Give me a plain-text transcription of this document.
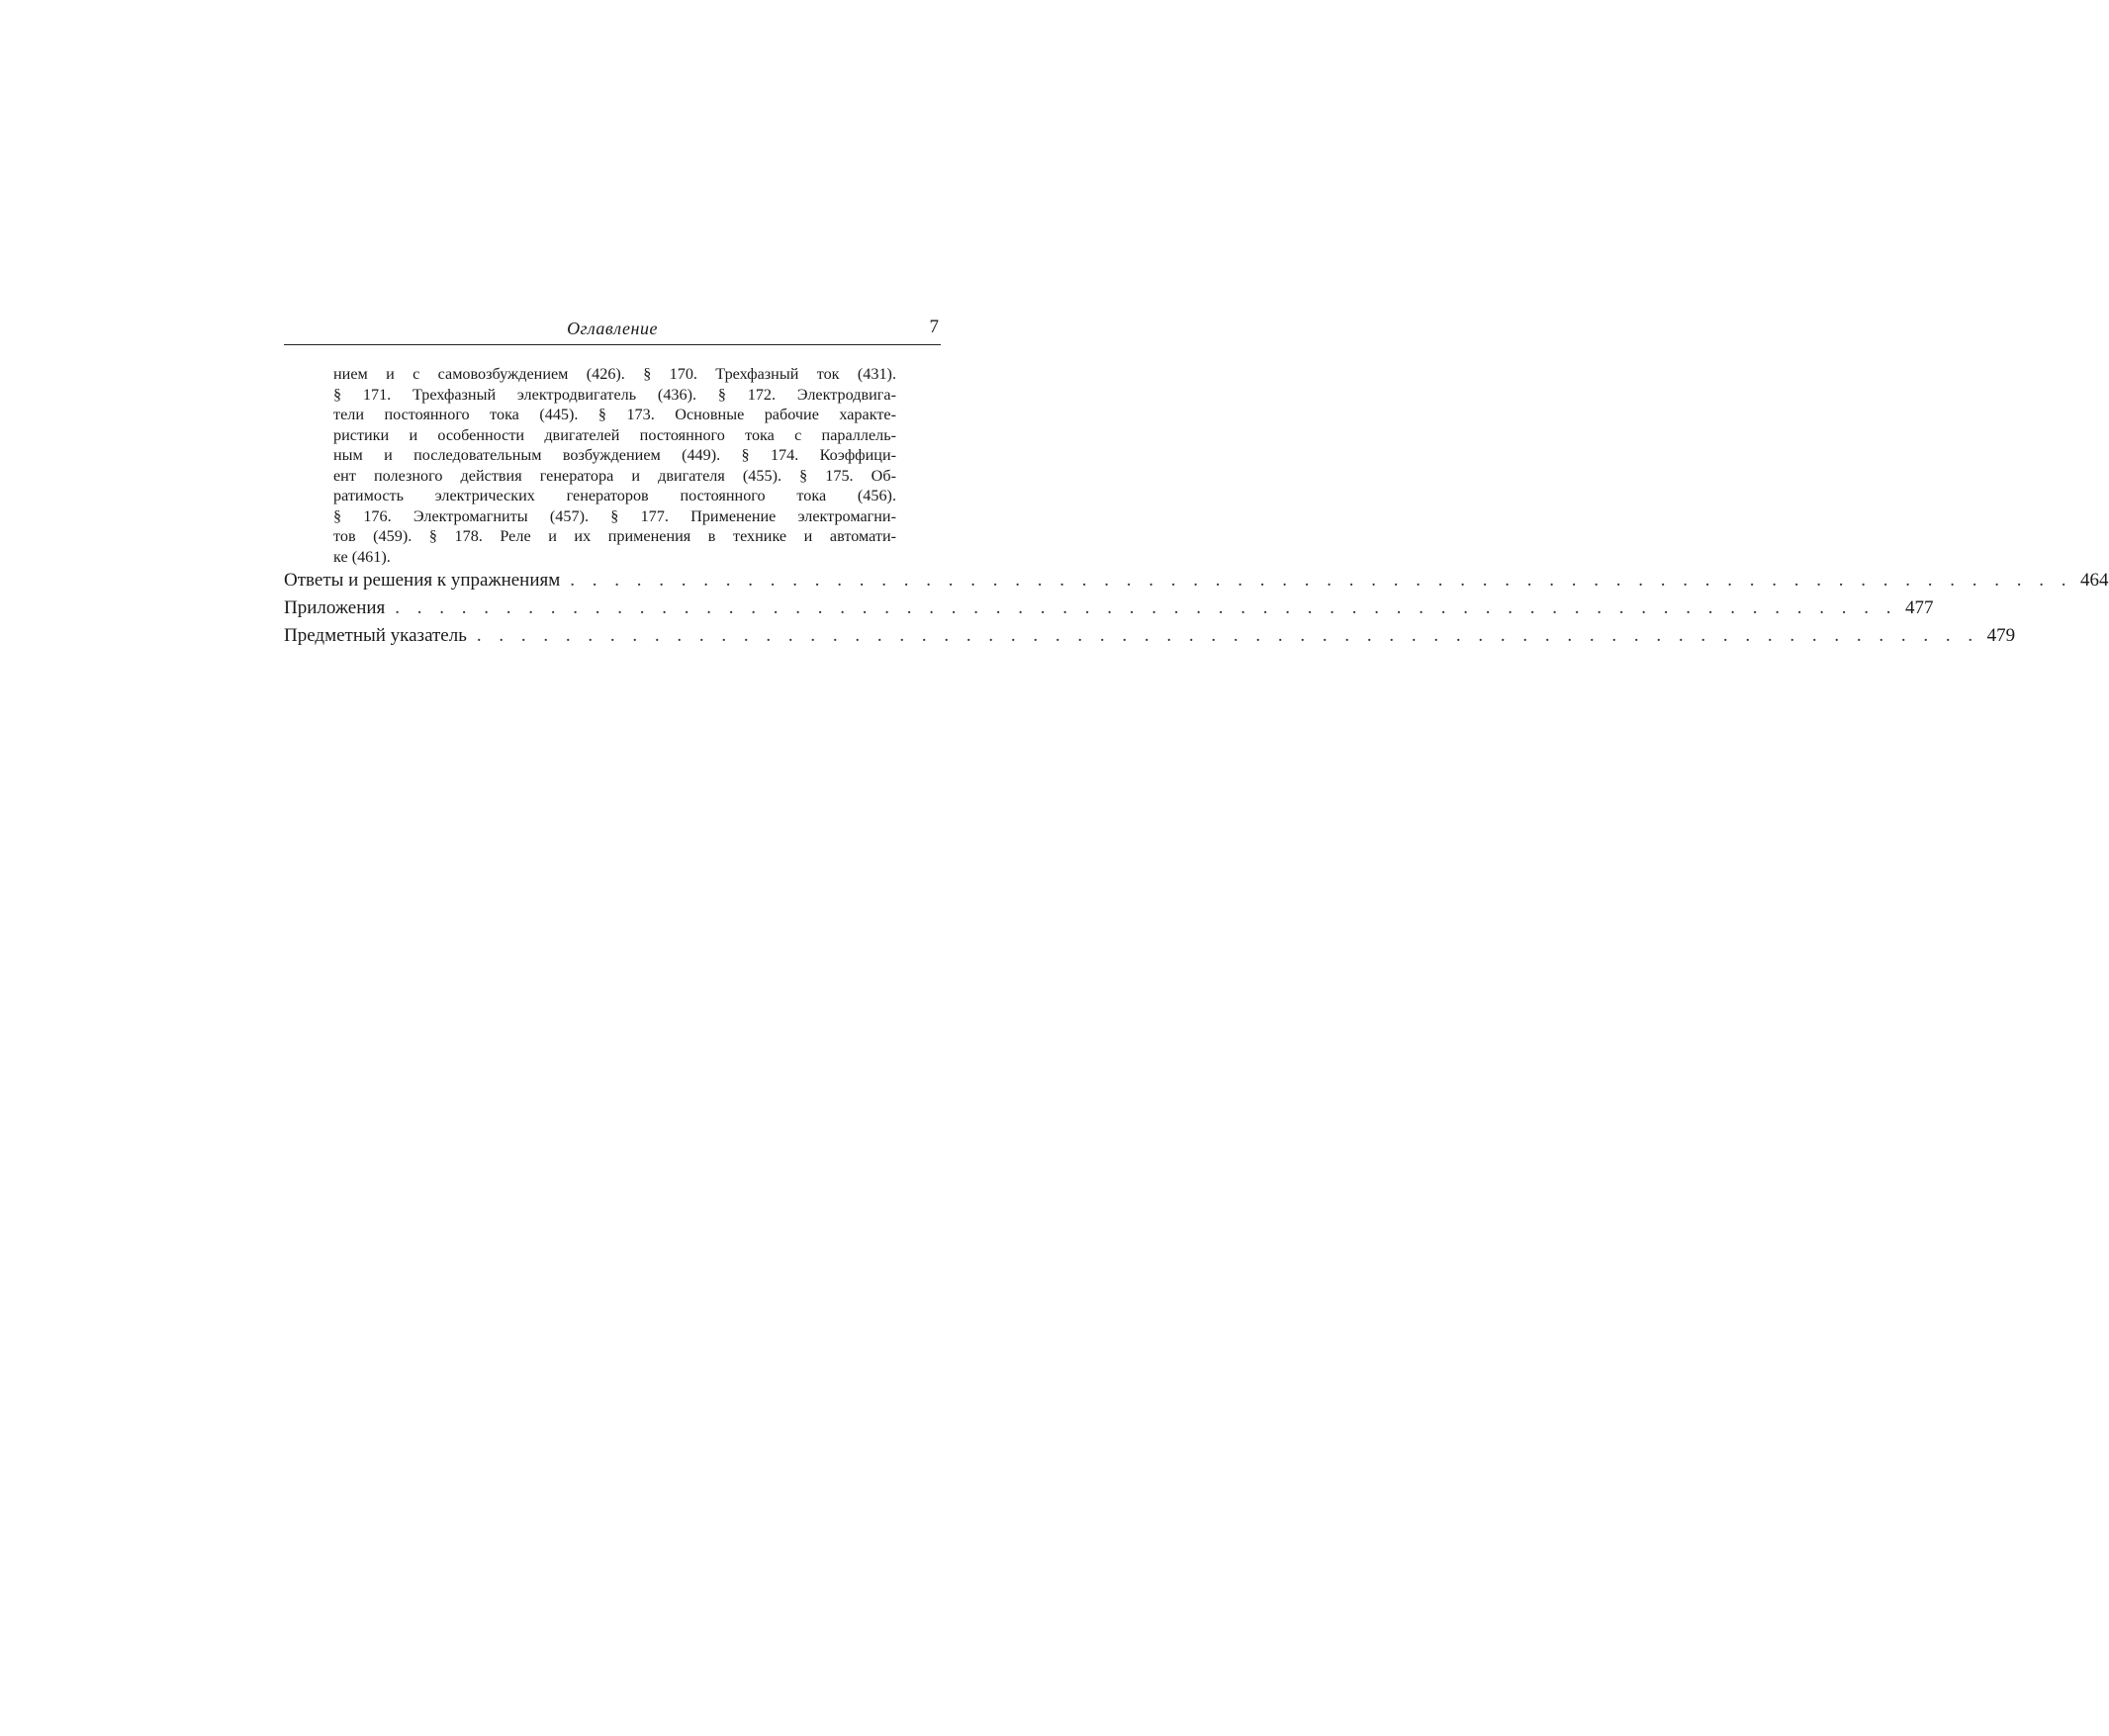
Оглавление	7
нием и с самовозбуждением (426). § 170. Трехфазный ток (431).
§ 171. Трехфазный электродвигатель (436). § 172. Электродвига-
тели постоянного тока (445). § 173. Основные рабочие характе-
ристики и особенности двигателей постоянного тока с параллель-
ным и последовательным возбуждением (449). § 174. Коэффици-
ент полезного действия генератора и двигателя (455). § 175. Об-
ратимость электрических генераторов постоянного тока (456).
§ 176. Электромагниты (457). § 177. Применение электромагни-
тов (459). § 178. Реле и их применения в технике и автомати-
ке (461).
Ответы и решения к упражнениям . . . . . . . . . . . . . . . . . . . . . . . . . . . . . . . . . . . . . . . . . . . . . . . . . . . . . . . . . . . . . . . . . . . . 464
Приложения . . . . . . . . . . . . . . . . . . . . . . . . . . . . . . . . . . . . . . . . . . . . . . . . . . . . . . . . . . . . . . . . . . . . 477
Предметный указатель . . . . . . . . . . . . . . . . . . . . . . . . . . . . . . . . . . . . . . . . . . . . . . . . . . . . . . . . . . . . . . . . . . . . 479
